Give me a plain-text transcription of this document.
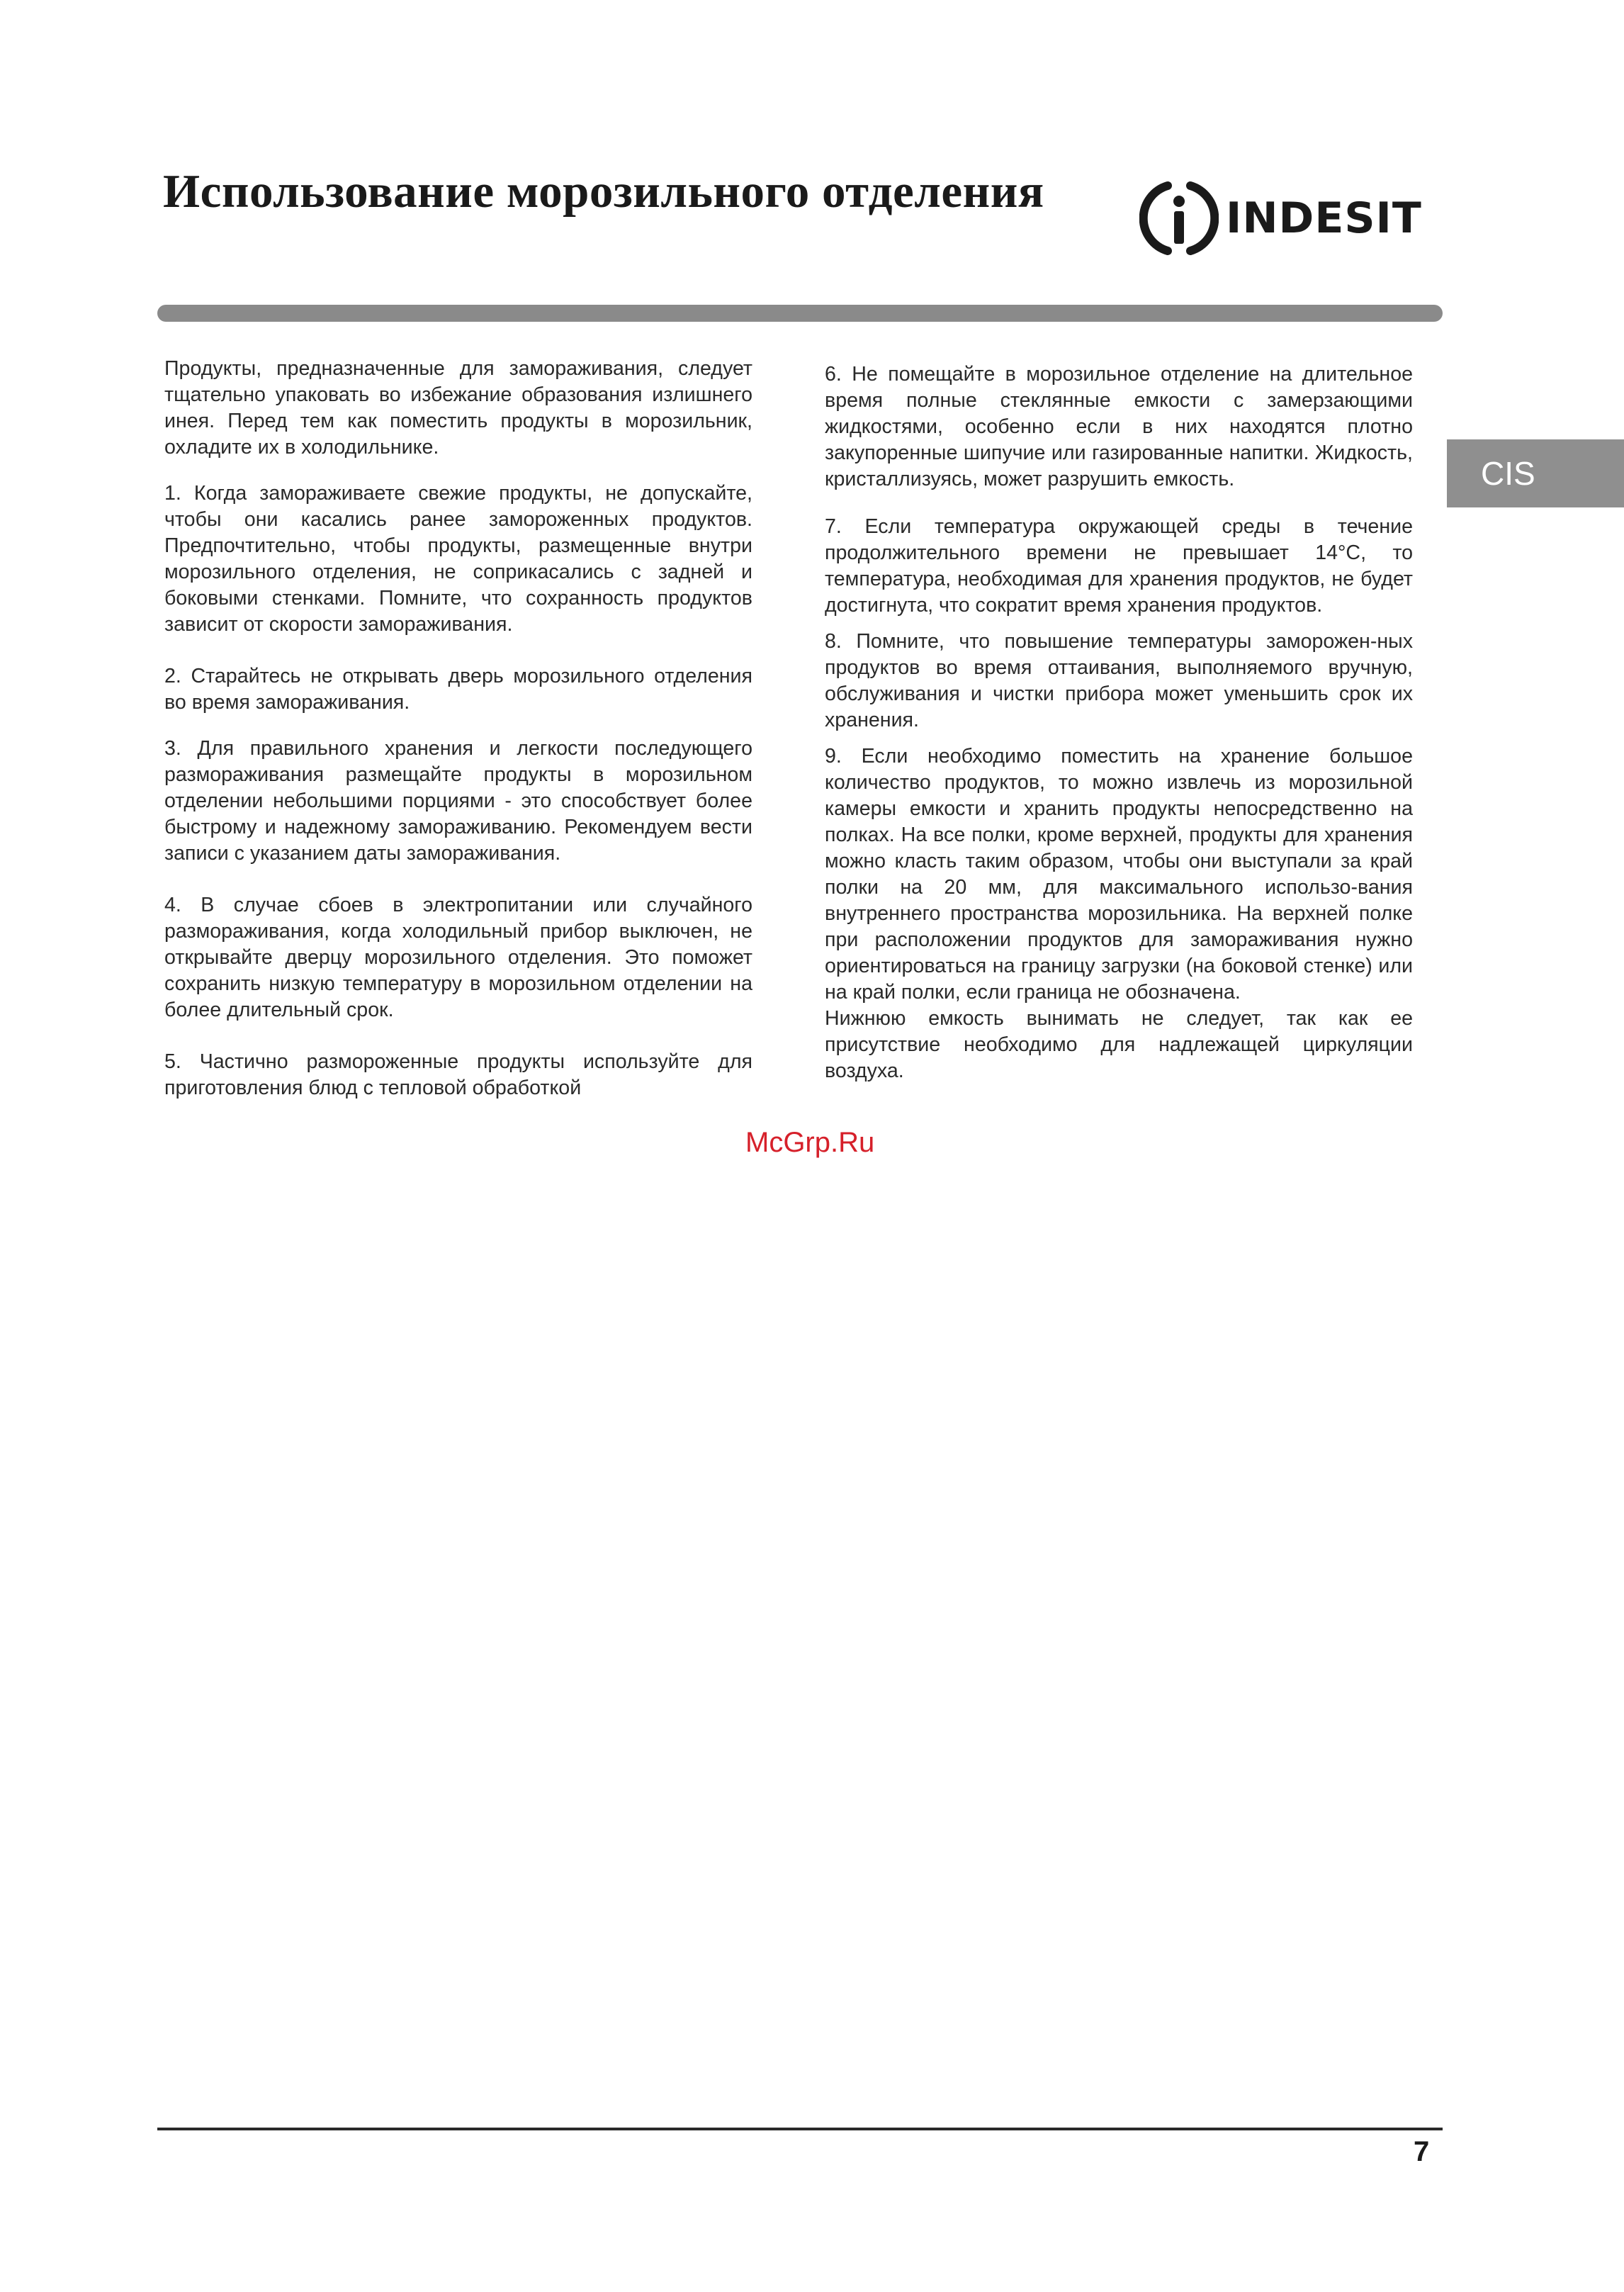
Использование морозильного отделения
INDESIT
CIS

Продукты, предназначенные для замораживания, следует тщательно упаковать во избежание образования излишнего инея. Перед тем как поместить продукты в морозильник, охладите их в холодильнике.

1. Когда замораживаете свежие продукты, не допускайте, чтобы они касались ранее замороженных продуктов. Предпочтительно, чтобы продукты, размещенные внутри морозильного отделения, не соприкасались с задней и боковыми стенками. Помните, что сохранность продуктов зависит от скорости замораживания.

2. Старайтесь не открывать дверь морозильного отделения во время замораживания.

3. Для правильного хранения и легкости последующего размораживания размещайте продукты в морозильном отделении небольшими порциями - это способствует более быстрому и надежному замораживанию. Рекомендуем вести записи с указанием даты замораживания.

4. В случае сбоев в электропитании или случайного размораживания, когда холодильный прибор выключен, не открывайте дверцу морозильного отделения. Это поможет сохранить низкую температуру в морозильном отделении на более длительный срок.

5. Частично размороженные продукты используйте для приготовления блюд с тепловой обработкой

6. Не помещайте в морозильное отделение на длительное время полные стеклянные емкости с замерзающими жидкостями, особенно если в них находятся плотно закупоренные шипучие или газированные напитки. Жидкость, кристаллизуясь, может разрушить емкость.

7. Если температура окружающей среды в течение продолжительного времени не превышает 14°С, то температура, необходимая для хранения продуктов, не будет достигнута, что сократит время хранения продуктов.

8. Помните, что повышение температуры заморожен-ных продуктов во время оттаивания, выполняемого вручную, обслуживания и чистки прибора может уменьшить срок их хранения.

9. Если необходимо поместить на хранение большое количество продуктов, то можно извлечь из морозильной камеры емкости и хранить продукты непосредственно на полках. На все полки, кроме верхней, продукты для хранения можно класть таким образом, чтобы они выступали за край полки на 20 мм, для максимального использо-вания внутреннего пространства морозильника. На верхней полке при расположении продуктов для замораживания нужно ориентироваться на границу загрузки (на боковой стенке) или на край полки, если граница не обозначена.

Нижнюю емкость вынимать не следует, так как ее присутствие необходимо для надлежащей циркуляции воздуха.

McGrp.Ru
7
